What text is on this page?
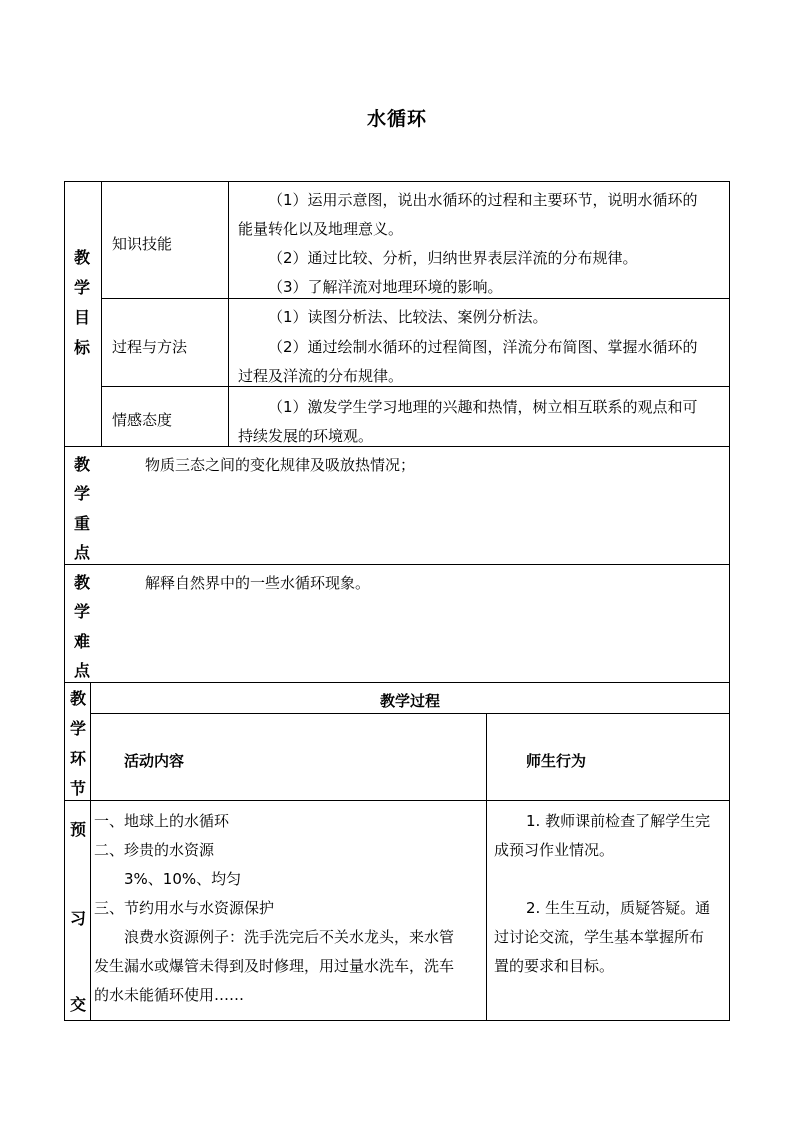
水循环
教
学
目
标
知识技能
（1）运用示意图，说出水循环的过程和主要环节，说明水循环的
能量转化以及地理意义。
（2）通过比较、分析，归纳世界表层洋流的分布规律。
（3）了解洋流对地理环境的影响。
过程与方法
（1）读图分析法、比较法、案例分析法。
（2）通过绘制水循环的过程简图，洋流分布简图、掌握水循环的
过程及洋流的分布规律。
情感态度
（1）激发学生学习地理的兴趣和热情，树立相互联系的观点和可
持续发展的环境观。
教
学
重
点
物质三态之间的变化规律及吸放热情况；
教
学
难
点
解释自然界中的一些水循环现象。
教
学
环
节
教学过程
活动内容	师生行为
预
习
交
一、地球上的水循环
二、珍贵的水资源
3%、10%、均匀
三、节约用水与水资源保护
浪费水资源例子：洗手洗完后不关水龙头，来水管
发生漏水或爆管未得到及时修理，用过量水洗车，洗车
的水未能循环使用……
1. 教师课前检查了解学生完
成预习作业情况。
2. 生生互动，质疑答疑。通
过讨论交流，学生基本掌握所布
置的要求和目标。
